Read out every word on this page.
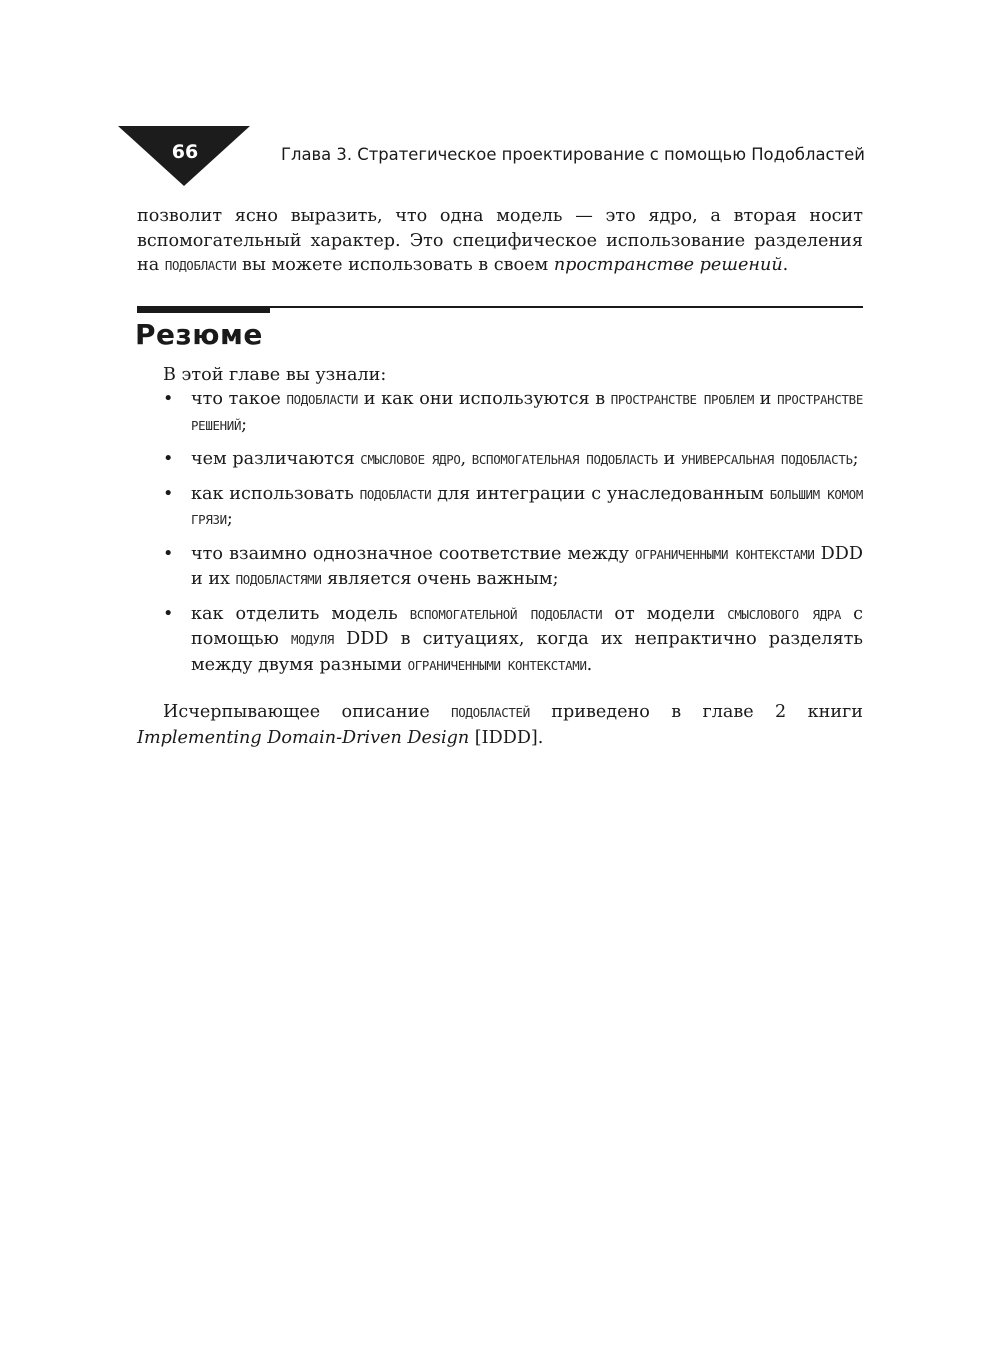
66	Глава 3. Стратегическое проектирование с помощью Подобластей

позволит ясно выразить, что одна модель — это ядро, а вторая носит вспомогательный характер. Это специфическое использование разделения на ПОДОБЛАСТИ вы можете использовать в своем пространстве решений.

Резюме

В этой главе вы узнали:

• что такое ПОДОБЛАСТИ и как они используются в ПРОСТРАНСТВЕ ПРОБЛЕМ и ПРОСТРАНСТВЕ РЕШЕНИЙ;
• чем различаются СМЫСЛОВОЕ ЯДРО, ВСПОМОГАТЕЛЬНАЯ ПОДОБЛАСТЬ и УНИВЕРСАЛЬНАЯ ПОДОБЛАСТЬ;
• как использовать ПОДОБЛАСТИ для интеграции с унаследованным БОЛЬШИМ КОМОМ ГРЯЗИ;
• что взаимно однозначное соответствие между ОГРАНИЧЕННЫМИ КОНТЕКСТАМИ DDD и их ПОДОБЛАСТЯМИ является очень важным;
• как отделить модель ВСПОМОГАТЕЛЬНОЙ ПОДОБЛАСТИ от модели СМЫСЛОВОГО ЯДРА с помощью МОДУЛЯ DDD в ситуациях, когда их непрактично разделять между двумя разными ОГРАНИЧЕННЫМИ КОНТЕКСТАМИ.

Исчерпывающее описание ПОДОБЛАСТЕЙ приведено в главе 2 книги Implementing Domain-Driven Design [IDDD].
